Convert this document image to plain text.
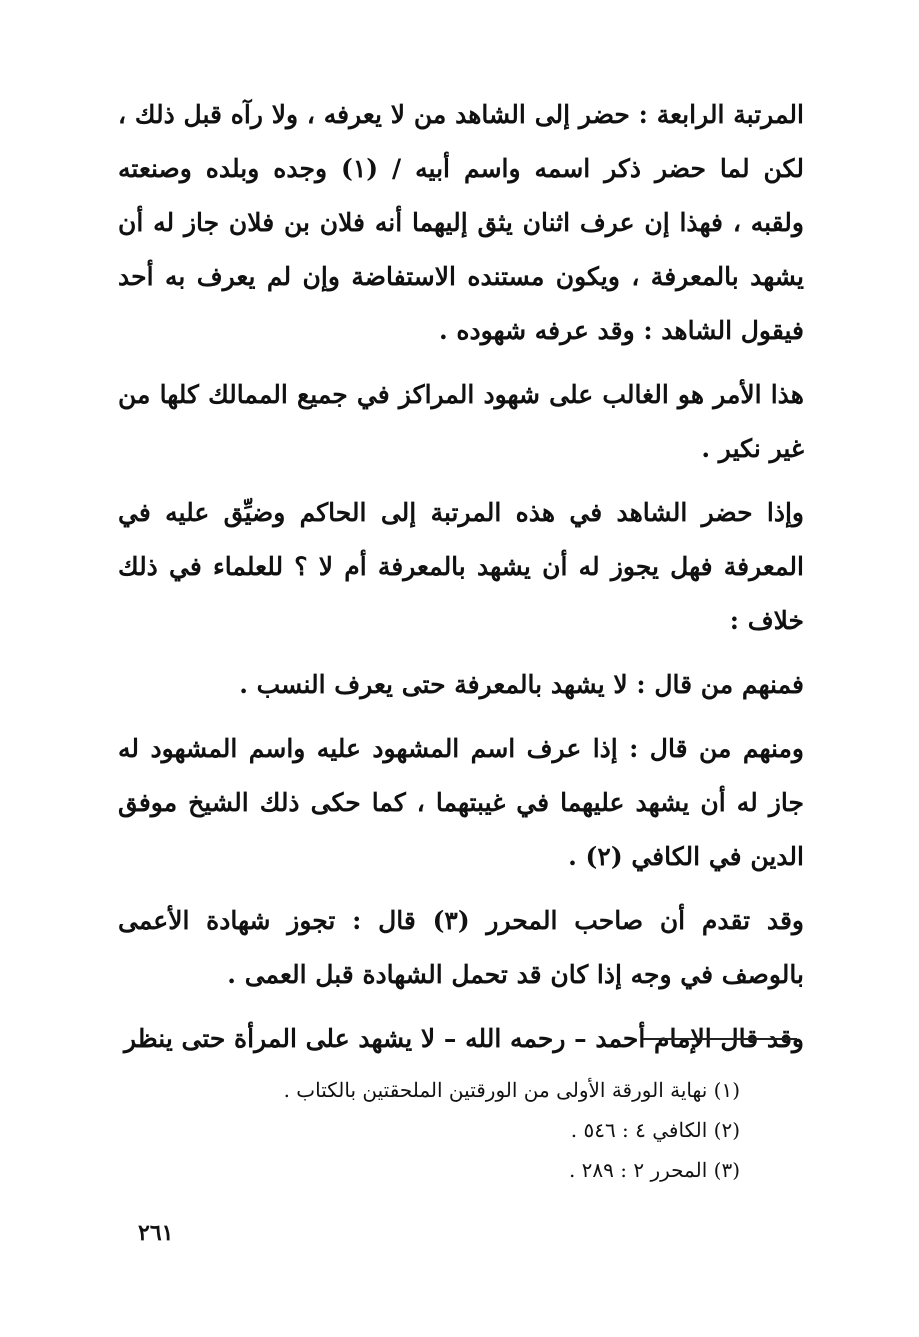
المرتبة الرابعة : حضر إلى الشاهد من لا يعرفه ، ولا رآه قبل ذلك ، لكن لما حضر ذكر اسمه واسم أبيه / (١) وجده وبلده وصنعته ولقبه ، فهذا إن عرف اثنان يثق إليهما أنه فلان بن فلان جاز له أن يشهد بالمعرفة ، ويكون مستنده الاستفاضة وإن لم يعرف به أحد فيقول الشاهد : وقد عرفه شهوده .

هذا الأمر هو الغالب على شهود المراكز في جميع الممالك كلها من غير نكير .

وإذا حضر الشاهد في هذه المرتبة إلى الحاكم وضيِّق عليه في المعرفة فهل يجوز له أن يشهد بالمعرفة أم لا ؟ للعلماء في ذلك خلاف :

فمنهم من قال : لا يشهد بالمعرفة حتى يعرف النسب .

ومنهم من قال : إذا عرف اسم المشهود عليه واسم المشهود له جاز له أن يشهد عليهما في غيبتهما ، كما حكى ذلك الشيخ موفق الدين في الكافي (٢) .

وقد تقدم أن صاحب المحرر (٣) قال : تجوز شهادة الأعمى بالوصف في وجه إذا كان قد تحمل الشهادة قبل العمى .

وقد قال الإمام أحمد – رحمه الله – لا يشهد على المرأة حتى ينظر

(١) نهاية الورقة الأولى من الورقتين الملحقتين بالكتاب .

(٢) الكافي ٤ : ٥٤٦ .

(٣) المحرر ٢ : ٢٨٩ .

٢٦١
